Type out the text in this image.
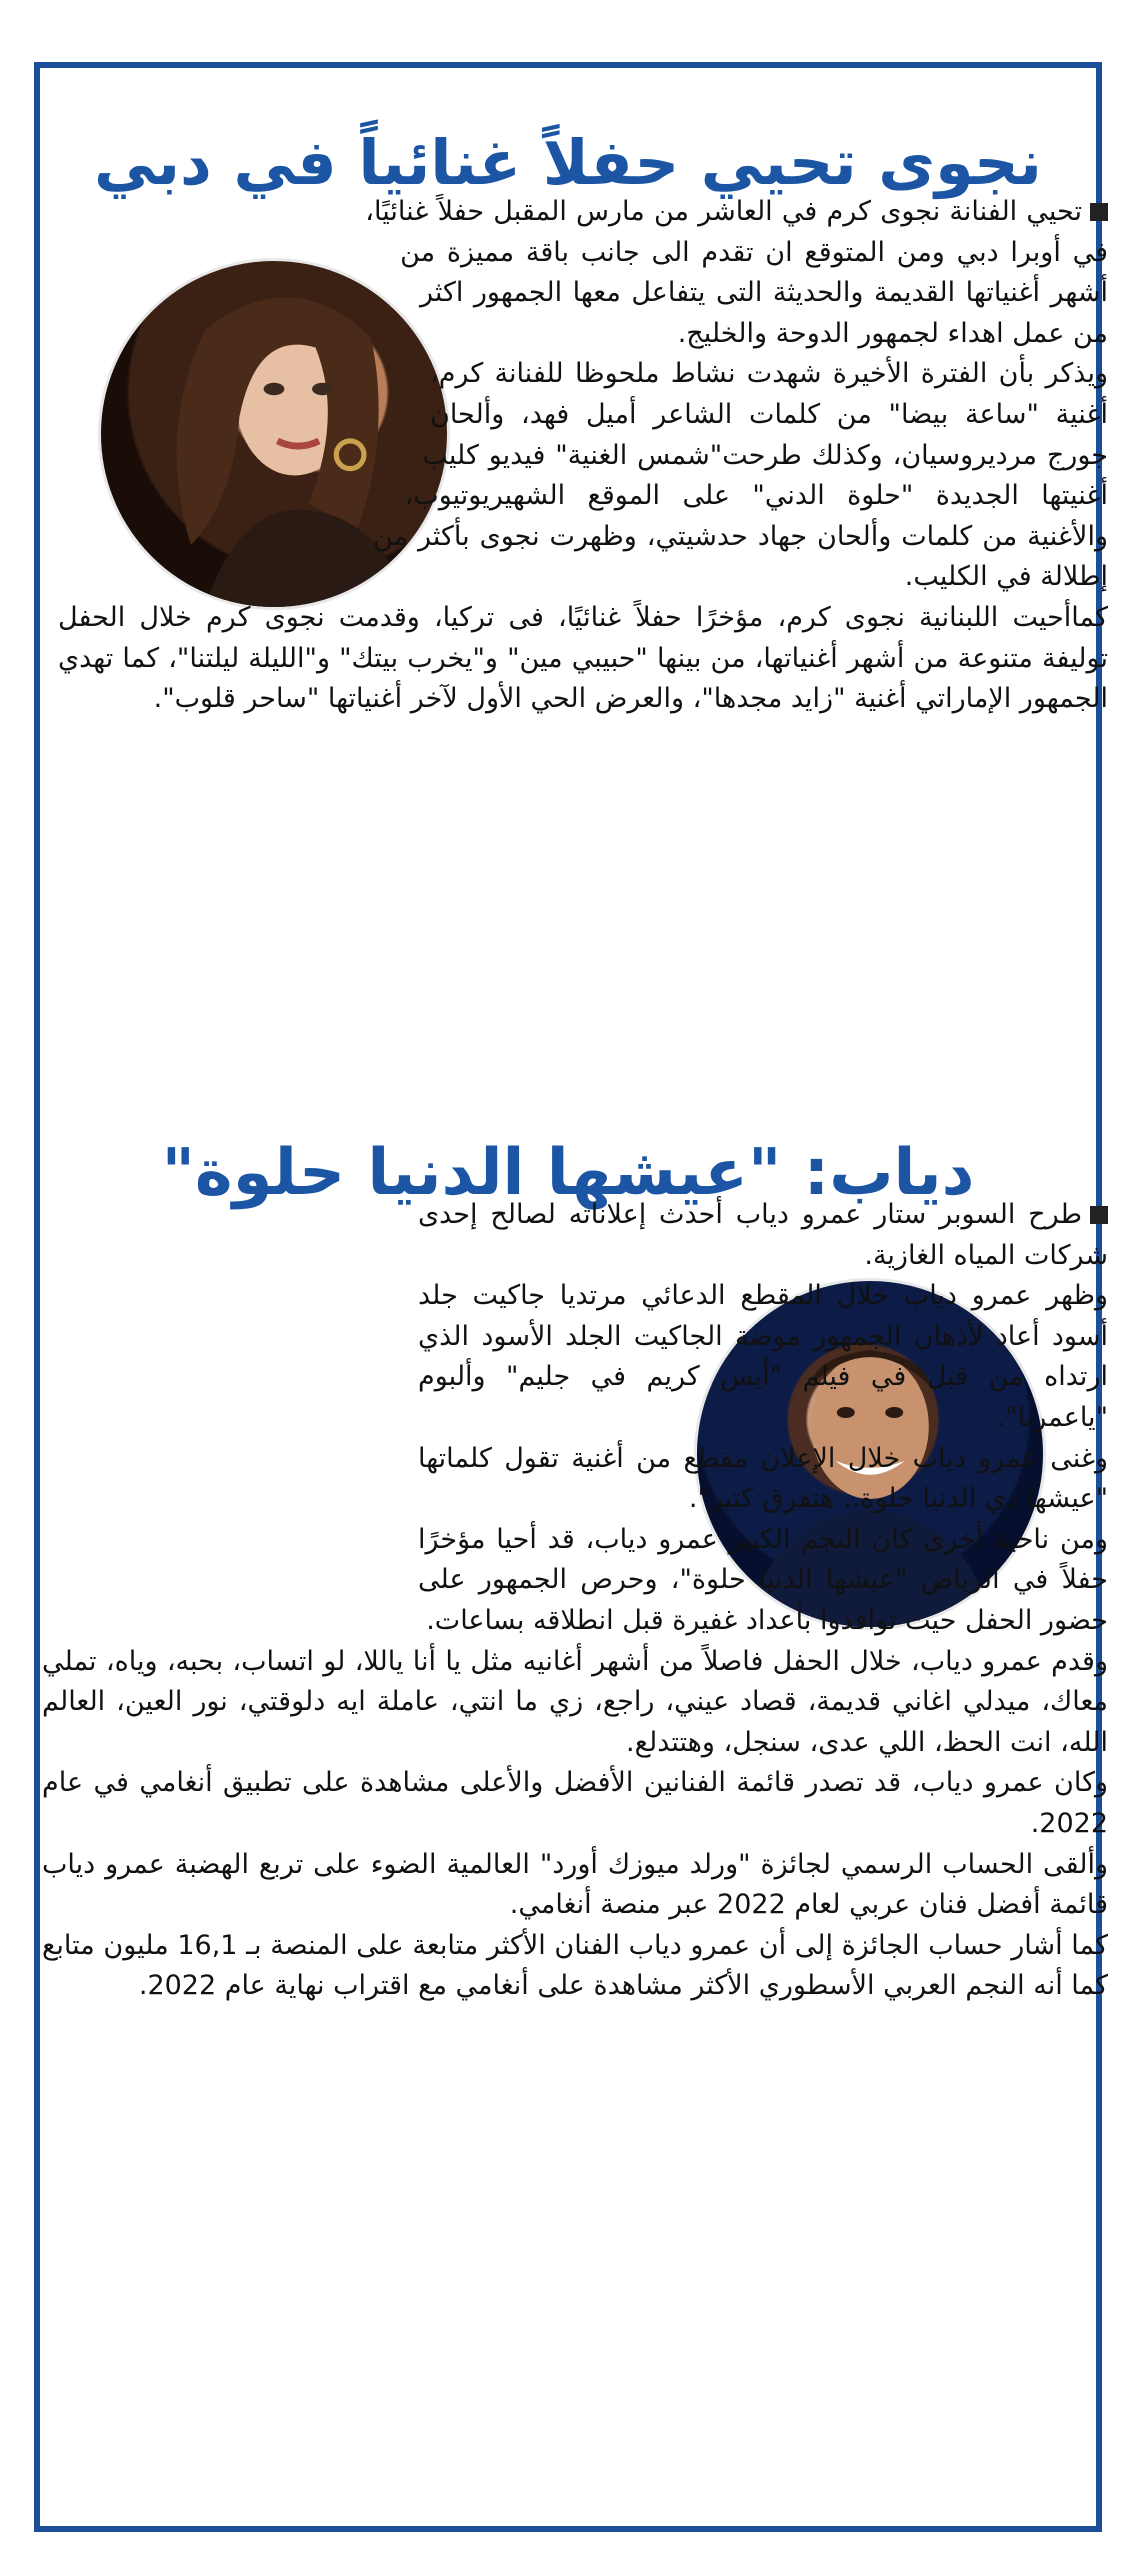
نجوى تحيي حفلاً غنائياً في دبي
دياب: "عيشها الدنيا حلوة"

تحيي الفنانة نجوى كرم في العاشر من مارس المقبل حفلاً غنائيًا، في أوبرا دبي ومن المتوقع ان تقدم الى جانب باقة مميزة من أشهر أغنياتها القديمة والحديثة التى يتفاعل معها الجمهور اكثر من عمل اهداء لجمهور الدوحة والخليج.

ويذكر بأن الفترة الأخيرة شهدت نشاط ملحوظا للفنانة كرم، أغنية "ساعة بيضا" من كلمات الشاعر أميل فهد، وألحان جورج مرديروسيان، وكذلك طرحت"شمس الغنية" فيديو كليب أغنيتها الجديدة "حلوة الدني" على الموقع الشهيريوتيوب، والأغنية من كلمات وألحان جهاد حدشيتي، وظهرت نجوى بأكثر من إطلالة في الكليب.

كماأحيت اللبنانية نجوى كرم، مؤخرًا حفلاً غنائيًا، فى تركيا، وقدمت نجوى كرم خلال الحفل توليفة متنوعة من أشهر أغنياتها، من بينها "حبيبي مين" و"يخرب بيتك" و"الليلة ليلتنا"، كما تهدي الجمهور الإماراتي أغنية "زايد مجدها"، والعرض الحي الأول لآخر أغنياتها "ساحر قلوب".

طرح السوبر ستار عمرو دياب أحدث إعلاناته لصالح إحدى شركات المياه الغازية.

وظهر عمرو دياب خلال المقطع الدعائي مرتديا جاكيت جلد أسود أعاد لأذهان الجمهور موضة الجاكيت الجلد الأسود الذي ارتداه من قبل في فيلم "أيس كريم في جليم" وألبوم "ياعمرنا".

وغنى عمرو دياب خلال الإعلان مقطع من أغنية تقول كلماتها "عيشها دي الدنيا حلوة.. هتفرق كتير".

ومن ناحية أخرى كان النجم الكبير عمرو دياب، قد أحيا مؤخرًا حفلاً في الرياض "عيشها الدنيا حلوة"، وحرص الجمهور على حضور الحفل حيث توافدوا بأعداد غفيرة قبل انطلاقه بساعات.

وقدم عمرو دياب، خلال الحفل فاصلاً من أشهر أغانيه مثل يا أنا ياللا، لو اتساب، بحبه، وياه، تملي معاك، ميدلي اغاني قديمة، قصاد عيني، راجع، زي ما انتي، عاملة ايه دلوقتي، نور العين، العالم الله، انت الحظ، اللي عدى، سنجل، وهتتدلع.

وكان عمرو دياب، قد تصدر قائمة الفنانين الأفضل والأعلى مشاهدة على تطبيق أنغامي في عام 2022.

وألقى الحساب الرسمي لجائزة "ورلد ميوزك أورد" العالمية الضوء على تربع الهضبة عمرو دياب قائمة أفضل فنان عربي لعام 2022 عبر منصة أنغامي.

كما أشار حساب الجائزة إلى أن عمرو دياب الفنان الأكثر متابعة على المنصة بـ 16,1 مليون متابع كما أنه النجم العربي الأسطوري الأكثر مشاهدة على أنغامي مع اقتراب نهاية عام 2022.
